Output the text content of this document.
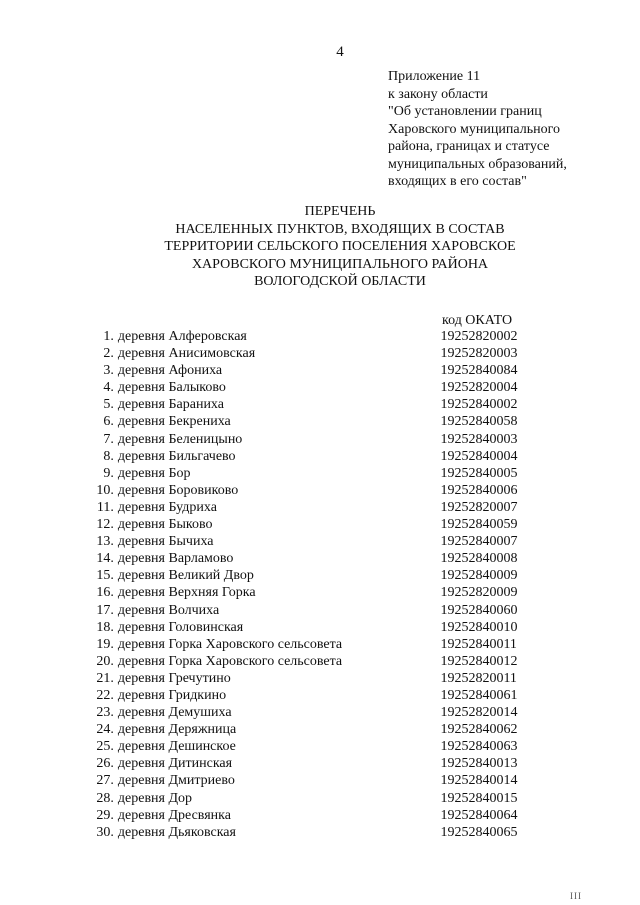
4
Приложение 11
к закону области
"Об установлении границ
Харовского муниципального
района, границах и статусе
муниципальных образований,
входящих в его состав"
ПЕРЕЧЕНЬ
НАСЕЛЕННЫХ ПУНКТОВ, ВХОДЯЩИХ В СОСТАВ
ТЕРРИТОРИИ СЕЛЬСКОГО ПОСЕЛЕНИЯ ХАРОВСКОЕ
ХАРОВСКОГО МУНИЦИПАЛЬНОГО РАЙОНА
ВОЛОГОДСКОЙ ОБЛАСТИ
код ОКАТО
1. деревня Алферовская	19252820002
2. деревня Анисимовская	19252820003
3. деревня Афониха	19252840084
4. деревня Балыково	19252820004
5. деревня Бараниха	19252840002
6. деревня Бекрениха	19252840058
7. деревня Беленицыно	19252840003
8. деревня Бильгачево	19252840004
9. деревня Бор	19252840005
10. деревня Боровиково	19252840006
11. деревня Будриха	19252820007
12. деревня Быково	19252840059
13. деревня Бычиха	19252840007
14. деревня Варламово	19252840008
15. деревня Великий Двор	19252840009
16. деревня Верхняя Горка	19252820009
17. деревня Волчиха	19252840060
18. деревня Головинская	19252840010
19. деревня Горка Харовского сельсовета	19252840011
20. деревня Горка Харовского сельсовета	19252840012
21. деревня Гречутино	19252820011
22. деревня Гридкино	19252840061
23. деревня Демушиха	19252820014
24. деревня Деряжница	19252840062
25. деревня Дешинское	19252840063
26. деревня Дитинская	19252840013
27. деревня Дмитриево	19252840014
28. деревня Дор	19252840015
29. деревня Дресвянка	19252840064
30. деревня Дьяковская	19252840065
III
